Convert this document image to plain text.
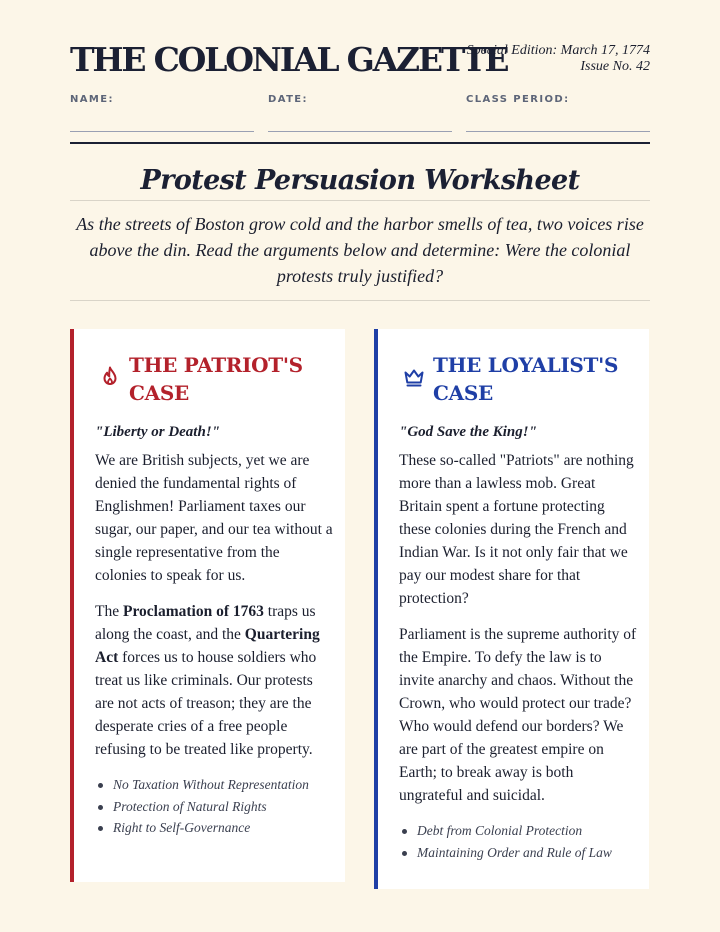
THE COLONIAL GAZETTE
Special Edition: March 17, 1774
Issue No. 42
NAME:	DATE:	CLASS PERIOD:
Protest Persuasion Worksheet

As the streets of Boston grow cold and the harbor smells of tea, two voices rise above the din. Read the arguments below and determine: Were the colonial protests truly justified?

THE PATRIOT'S
CASE
"Liberty or Death!"

We are British subjects, yet we are denied the fundamental rights of Englishmen! Parliament taxes our sugar, our paper, and our tea without a single representative from the colonies to speak for us.

The Proclamation of 1763 traps us along the coast, and the Quartering Act forces us to house soldiers who treat us like criminals. Our protests are not acts of treason; they are the desperate cries of a free people refusing to be treated like property.

No Taxation Without Representation
Protection of Natural Rights
Right to Self-Governance
THE LOYALIST'S
CASE
"God Save the King!"

These so-called "Patriots" are nothing more than a lawless mob. Great Britain spent a fortune protecting these colonies during the French and Indian War. Is it not only fair that we pay our modest share for that protection?

Parliament is the supreme authority of the Empire. To defy the law is to invite anarchy and chaos. Without the Crown, who would protect our trade? Who would defend our borders? We are part of the greatest empire on Earth; to break away is both ungrateful and suicidal.

Debt from Colonial Protection
Maintaining Order and Rule of Law
